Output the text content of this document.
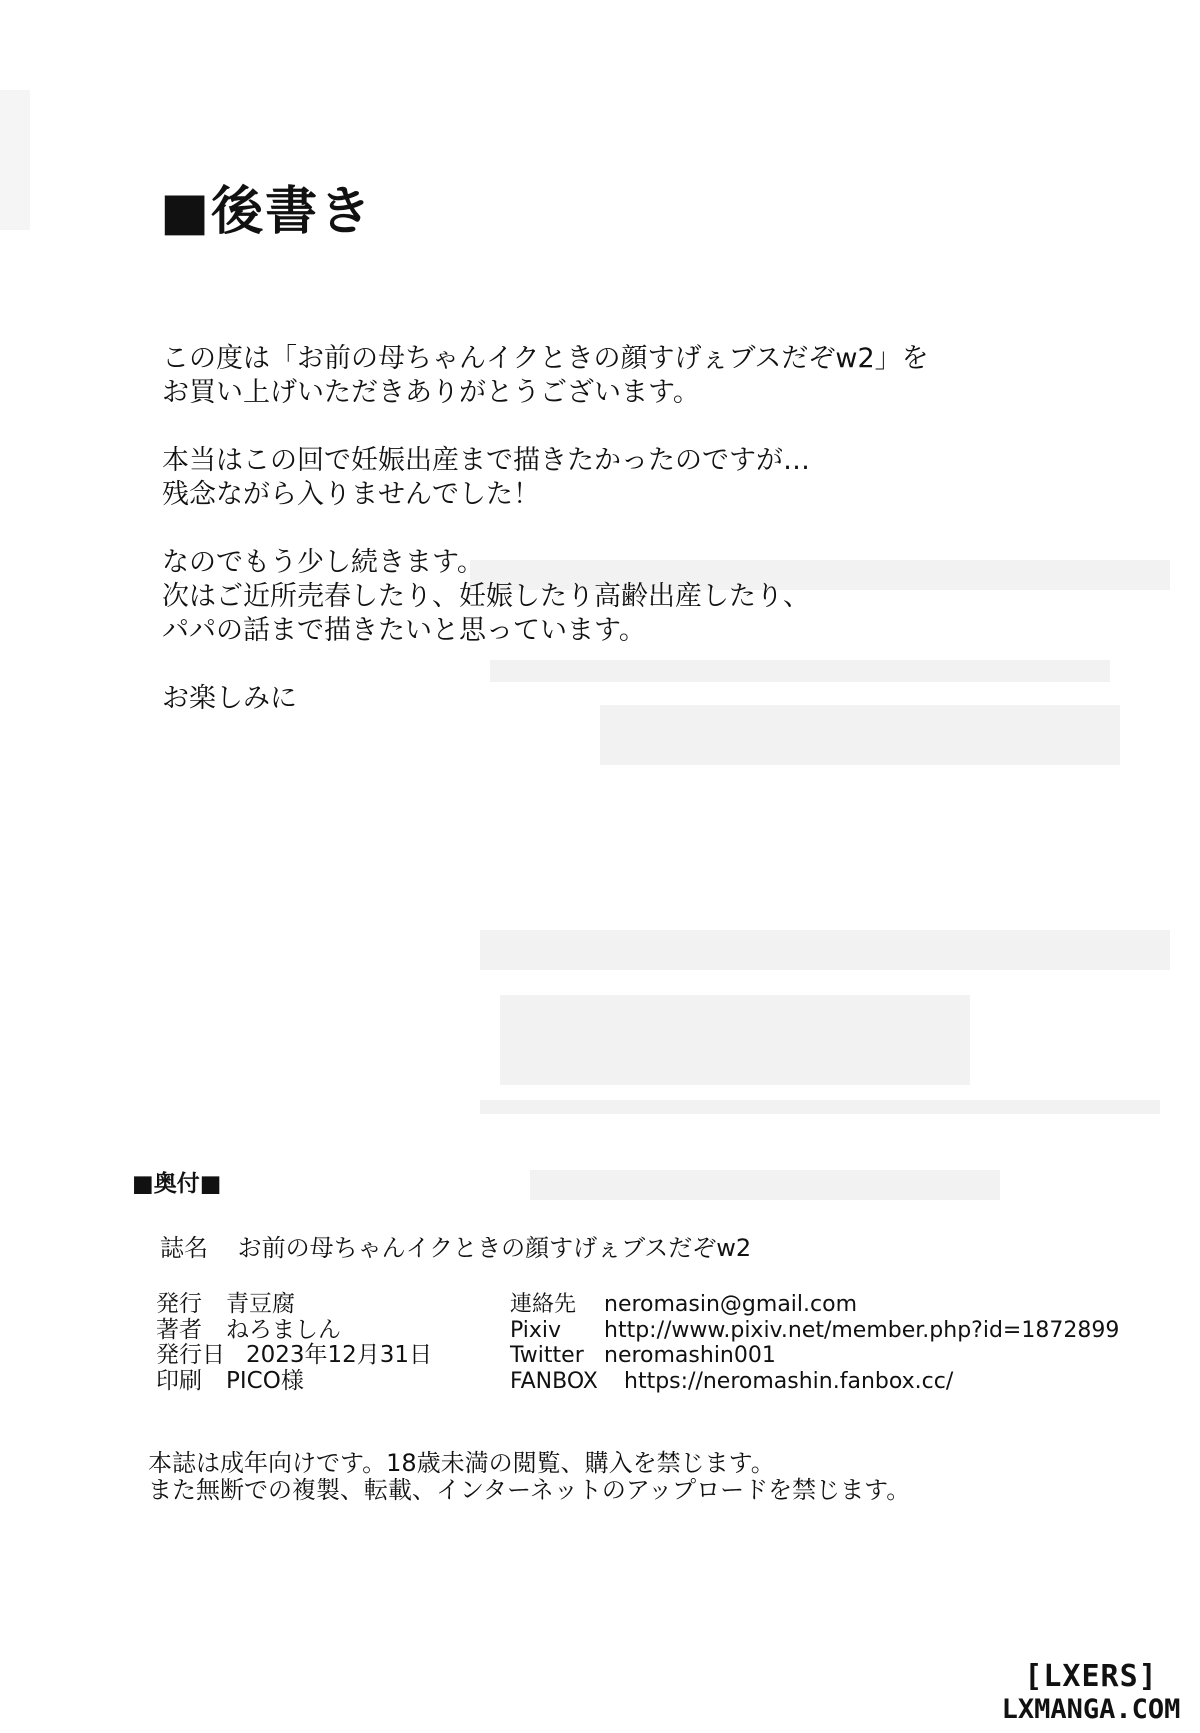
■後書き
この度は「お前の母ちゃんイクときの顔すげぇブスだぞw2」を
お買い上げいただきありがとうございます。
本当はこの回で妊娠出産まで描きたかったのですが…
残念ながら入りませんでした！
なのでもう少し続きます。
次はご近所売春したり、妊娠したり高齢出産したり、
パパの話まで描きたいと思っています。
お楽しみに
■奥付■
誌名 お前の母ちゃんイクときの顔すげぇブスだぞw2
発行 青豆腐
著者 ねろましん
発行日 2023年12月31日
印刷 PICO様
連絡先 neromasin@gmail.com
Pixiv http://www.pixiv.net/member.php?id=1872899
Twitter neromashin001
FANBOX https://neromashin.fanbox.cc/
本誌は成年向けです。18歳未満の閲覧、購入を禁じます。
また無断での複製、転載、インターネットのアップロードを禁じます。
[LXERS]
LXMANGA.COM
